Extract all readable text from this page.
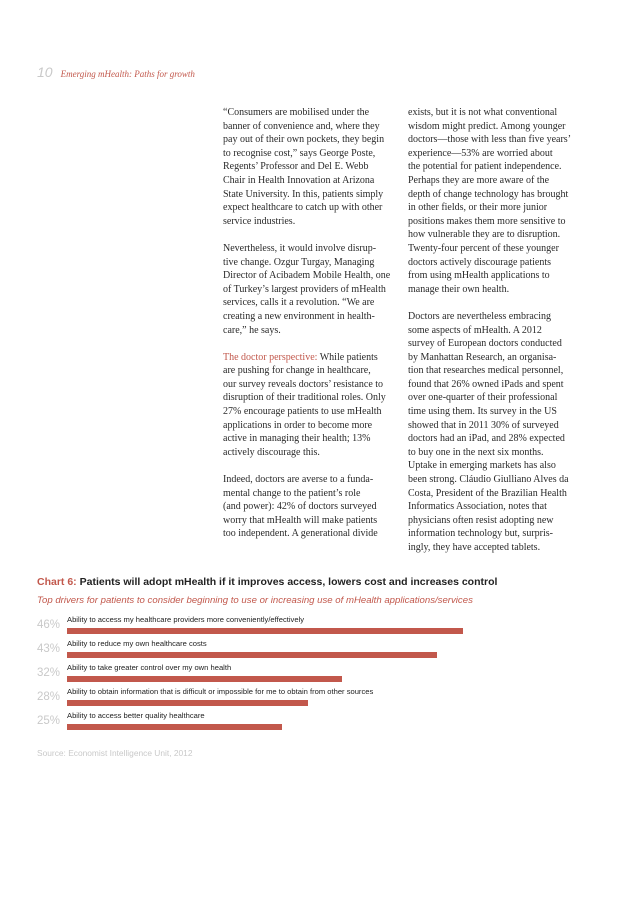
10 Emerging mHealth: Paths for growth

“Consumers are mobilised under the
banner of convenience and, where they
pay out of their own pockets, they begin
to recognise cost,” says George Poste,
Regents’ Professor and Del E. Webb
Chair in Health Innovation at Arizona
State University. In this, patients simply
expect healthcare to catch up with other
service industries.

Nevertheless, it would involve disrup-
tive change. Ozgur Turgay, Managing
Director of Acibadem Mobile Health, one
of Turkey’s largest providers of mHealth
services, calls it a revolution. “We are
creating a new environment in health-
care,” he says.

The doctor perspective: While patients
are pushing for change in healthcare,
our survey reveals doctors’ resistance to
disruption of their traditional roles. Only
27% encourage patients to use mHealth
applications in order to become more
active in managing their health; 13%
actively discourage this.

Indeed, doctors are averse to a funda-
mental change to the patient’s role
(and power): 42% of doctors surveyed
worry that mHealth will make patients
too independent. A generational divide

exists, but it is not what conventional
wisdom might predict. Among younger
doctors—those with less than five years’
experience—53% are worried about
the potential for patient independence.
Perhaps they are more aware of the
depth of change technology has brought
in other fields, or their more junior
positions makes them more sensitive to
how vulnerable they are to disruption.
Twenty-four percent of these younger
doctors actively discourage patients
from using mHealth applications to
manage their own health.

Doctors are nevertheless embracing
some aspects of mHealth. A 2012
survey of European doctors conducted
by Manhattan Research, an organisa-
tion that researches medical personnel,
found that 26% owned iPads and spent
over one-quarter of their professional
time using them. Its survey in the US
showed that in 2011 30% of surveyed
doctors had an iPad, and 28% expected
to buy one in the next six months.
Uptake in emerging markets has also
been strong. Cláudio Giulliano Alves da
Costa, President of the Brazilian Health
Informatics Association, notes that
physicians often resist adopting new
information technology but, surpris-
ingly, they have accepted tablets.

Chart 6: Patients will adopt mHealth if it improves access, lowers cost and increases control
Top drivers for patients to consider beginning to use or increasing use of mHealth applications/services
46% Ability to access my healthcare providers more conveniently/effectively
43% Ability to reduce my own healthcare costs
32% Ability to take greater control over my own health
28% Ability to obtain information that is difficult or impossible for me to obtain from other sources
25% Ability to access better quality healthcare
Source: Economist Intelligence Unit, 2012
